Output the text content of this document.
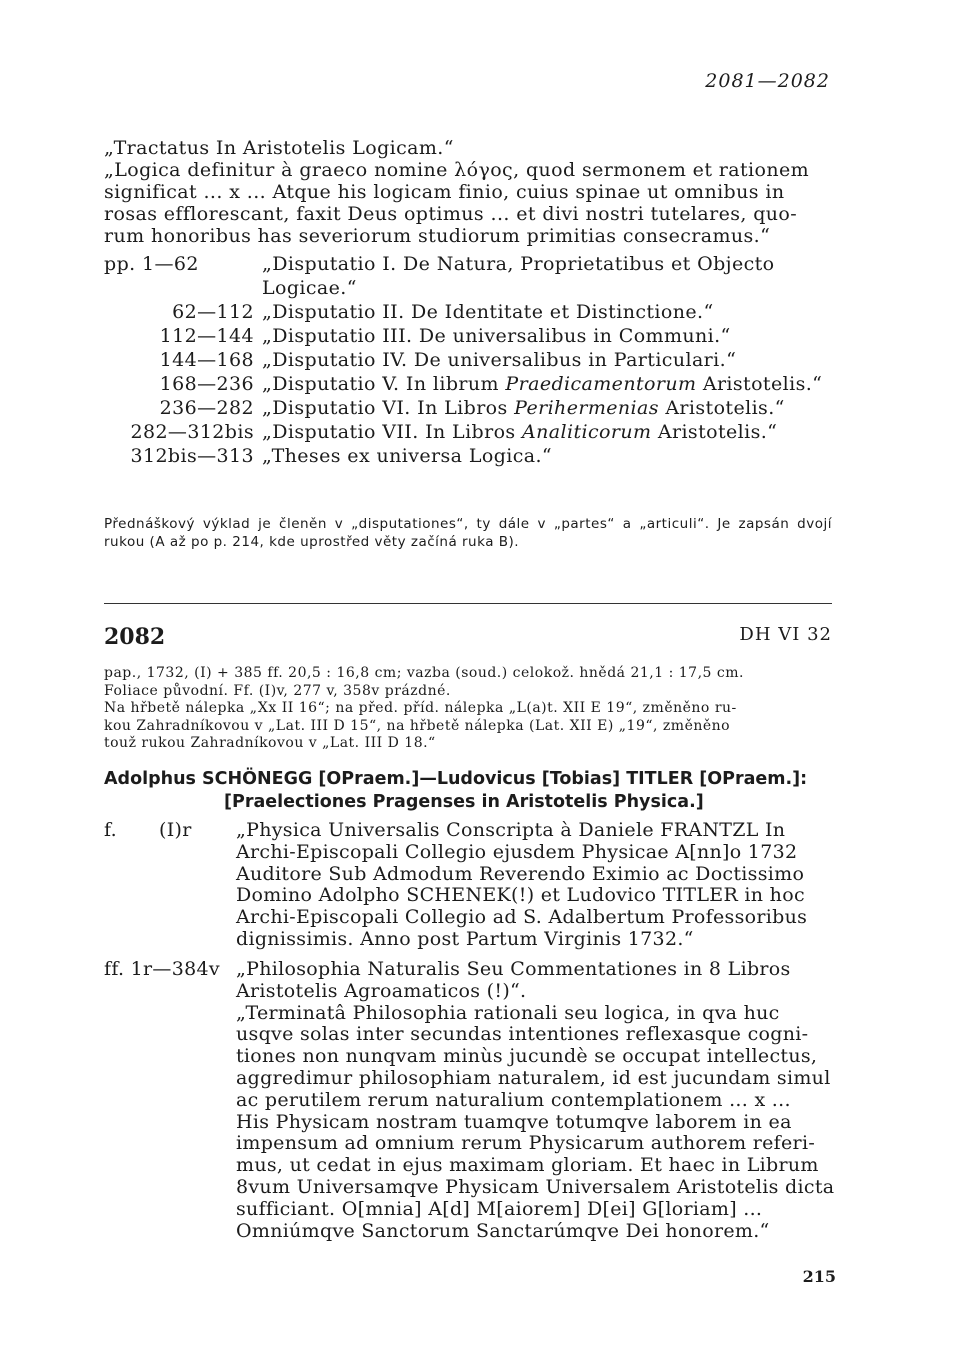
2081—2082
„Tractatus In Aristotelis Logicam.“
„Logica definitur à graeco nomine λόγος, quod sermonem et rationem
significat ... x ... Atque his logicam finio, cuius spinae ut omnibus in
rosas efflorescant, faxit Deus optimus ... et divi nostri tutelares, quo-
rum honoribus has severiorum studiorum primitias consecramus.“
pp. 1—62	„Disputatio I. De Natura, Proprietatibus et Objecto Logicae.“
62—112 „Disputatio II. De Identitate et Distinctione.“
112—144 „Disputatio III. De universalibus in Communi.“
144—168 „Disputatio IV. De universalibus in Particulari.“
168—236 „Disputatio V. In librum Praedicamentorum Aristotelis.“
236—282 „Disputatio VI. In Libros Perihermenias Aristotelis.“
282—312bis „Disputatio VII. In Libros Analiticorum Aristotelis.“
312bis—313 „Theses ex universa Logica.“
Přednáškový výklad je členěn v „disputationes“, ty dále v „partes“ a „articuli“. Je zapsán dvojí rukou (A až po p. 214, kde uprostřed věty začíná ruka B).
2082	DH VI 32
pap., 1732, (I) + 385 ff. 20,5 : 16,8 cm; vazba (soud.) celokož. hnědá 21,1 : 17,5 cm.
Foliace původní. Ff. (I)v, 277 v, 358v prázdné.
Na hřbetě nálepka „Xx II 16“; na před. příd. nálepka „L(a)t. XII E 19“, změněno ru-
kou Zahradníkovou v „Lat. III D 15“, na hřbetě nálepka (Lat. XII E) „19“, změněno
touž rukou Zahradníkovou v „Lat. III D 18.“
Adolphus SCHÖNEGG [OPraem.]—Ludovicus [Tobias] TITLER [OPraem.]:
[Praelectiones Pragenses in Aristotelis Physica.]
f. (I)r „Physica Universalis Conscripta à Daniele FRANTZL In
Archi-Episcopali Collegio ejusdem Physicae A[nn]o 1732
Auditore Sub Admodum Reverendo Eximio ac Doctissimo
Domino Adolpho SCHENEK(!) et Ludovico TITLER in hoc
Archi-Episcopali Collegio ad S. Adalbertum Professoribus
dignissimis. Anno post Partum Virginis 1732.“
ff. 1r—384v „Philosophia Naturalis Seu Commentationes in 8 Libros
Aristotelis Agroamaticos (!)“.
„Terminatâ Philosophia rationali seu logica, in qva huc
usqve solas inter secundas intentiones reflexasque cogni-
tiones non nunqvam minùs jucundè se occupat intellectus,
aggredimur philosophiam naturalem, id est jucundam simul
ac perutilem rerum naturalium contemplationem ... x ...
His Physicam nostram tuamqve totumqve laborem in ea
impensum ad omnium rerum Physicarum authorem referi-
mus, ut cedat in ejus maximam gloriam. Et haec in Librum
8vum Universamqve Physicam Universalem Aristotelis dicta
sufficiant. O[mnia] A[d] M[aiorem] D[ei] G[loriam] ...
Omniúmqve Sanctorum Sanctarúmqve Dei honorem.“
215
